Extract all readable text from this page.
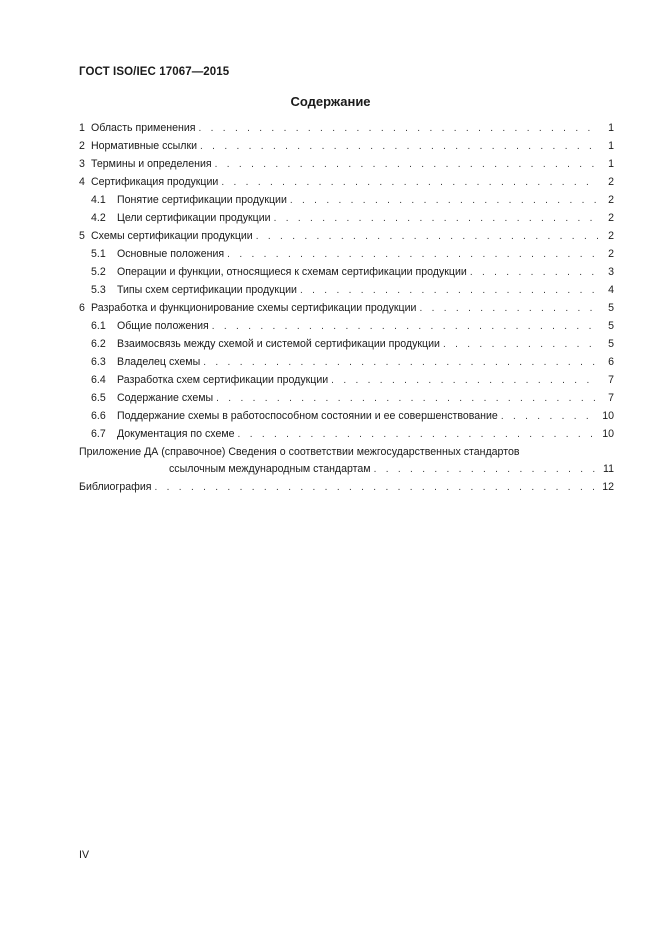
ГОСТ ISO/IEC 17067—2015
Содержание
1 Область применения . . .	1
2 Нормативные ссылки . . .	1
3 Термины и определения . . .	1
4 Сертификация продукции . . .	2
4.1	Понятие сертификации продукции . . .	2
4.2	Цели сертификации продукции . . .	2
5 Схемы сертификации продукции . . .	2
5.1	Основные положения . . .	2
5.2	Операции и функции, относящиеся к схемам сертификации продукции . . .	3
5.3	Типы схем сертификации продукции . . .	4
6 Разработка и функционирование схемы сертификации продукции . . .	5
6.1	Общие положения . . .	5
6.2	Взаимосвязь между схемой и системой сертификации продукции . . .	5
6.3	Владелец схемы . . .	6
6.4	Разработка схем сертификации продукции . . .	7
6.5	Содержание схемы . . .	7
6.6	Поддержание схемы в работоспособном состоянии и ее совершенствование . . .	10
6.7	Документация по схеме . . .	10
Приложение ДА (справочное) Сведения о соответствии межгосударственных стандартов
ссылочным международным стандартам . . .	11
Библиография . . .	12
IV
